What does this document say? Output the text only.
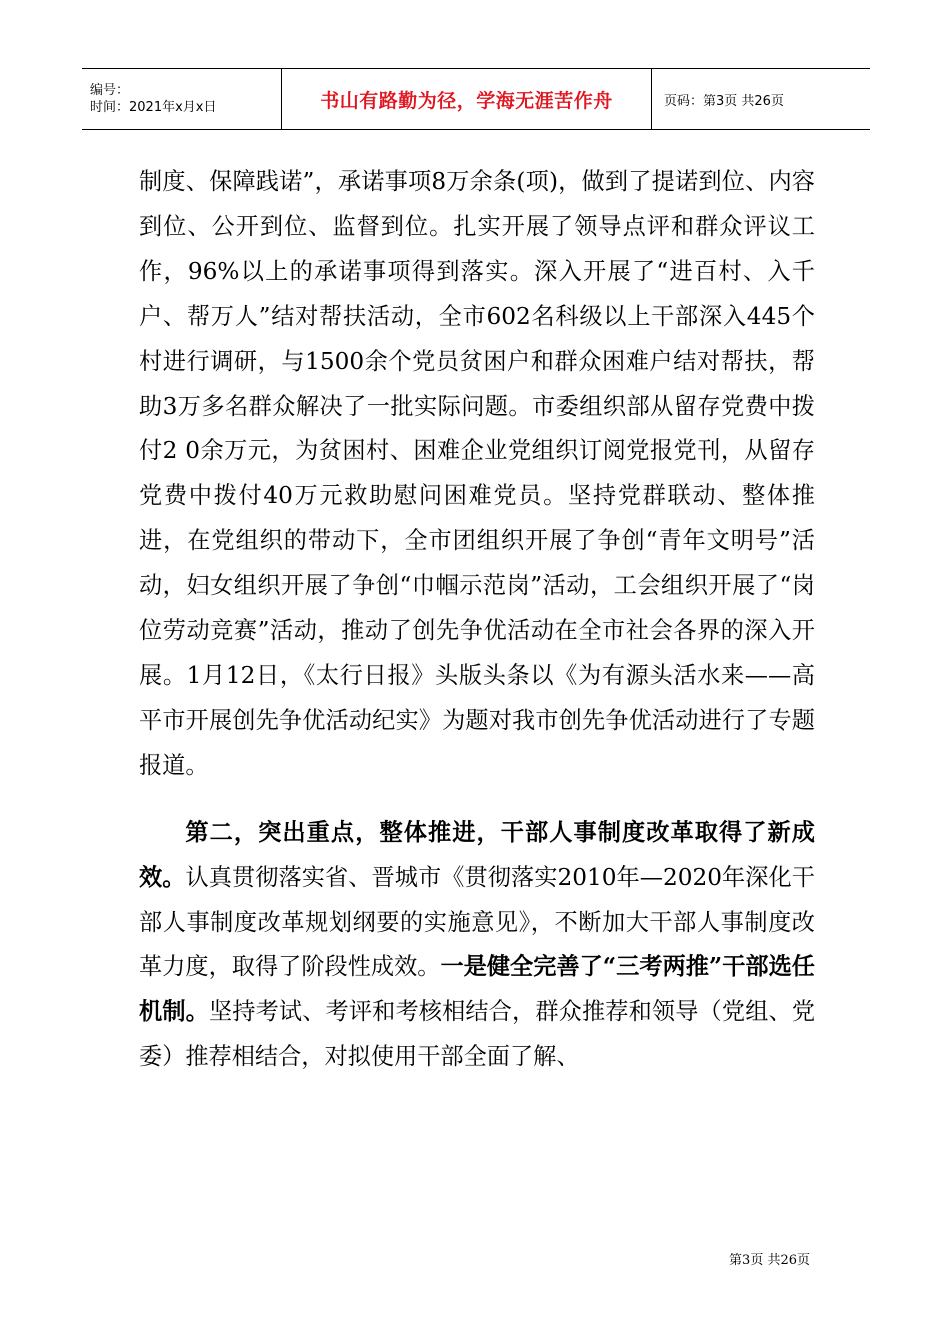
编号：
时间：2021年x月x日	书山有路勤为径，学海无涯苦作舟	页码：第3页 共26页

制度、保障践诺”，承诺事项8万余条(项)，做到了提诺到位、内容到位、公开到位、监督到位。扎实开展了领导点评和群众评议工作，96%以上的承诺事项得到落实。深入开展了“进百村、入千户、帮万人”结对帮扶活动，全市602名科级以上干部深入445个村进行调研，与1500余个党员贫困户和群众困难户结对帮扶，帮助3万多名群众解决了一批实际问题。市委组织部从留存党费中拨付2 0余万元，为贫困村、困难企业党组织订阅党报党刊，从留存党费中拨付40万元救助慰问困难党员。坚持党群联动、整体推进，在党组织的带动下，全市团组织开展了争创“青年文明号”活动，妇女组织开展了争创“巾帼示范岗”活动，工会组织开展了“岗位劳动竞赛”活动，推动了创先争优活动在全市社会各界的深入开展。1月12日，《太行日报》头版头条以《为有源头活水来——高平市开展创先争优活动纪实》为题对我市创先争优活动进行了专题报道。

第二，突出重点，整体推进，干部人事制度改革取得了新成效。认真贯彻落实省、晋城市《贯彻落实2010年—2020年深化干部人事制度改革规划纲要的实施意见》，不断加大干部人事制度改革力度，取得了阶段性成效。一是健全完善了“三考两推”干部选任机制。坚持考试、考评和考核相结合，群众推荐和领导（党组、党委）推荐相结合，对拟使用干部全面了解、

第3页 共26页
